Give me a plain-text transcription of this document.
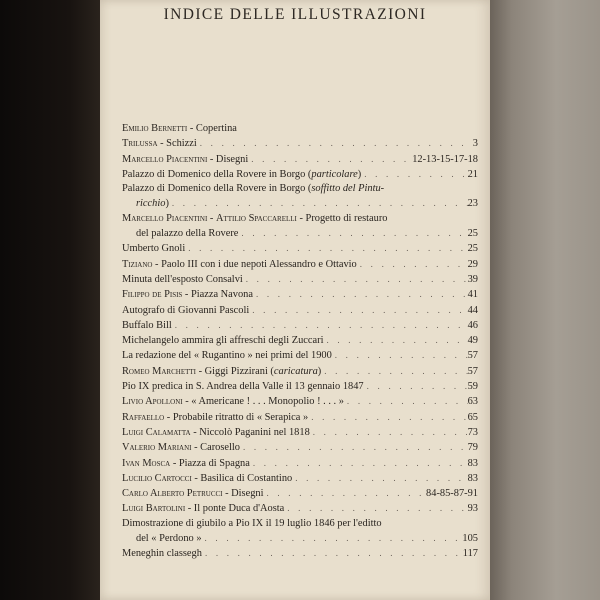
INDICE DELLE ILLUSTRAZIONI
Emilio Bernetti - Copertina
Trilussa - Schizzi . . .	3
Marcello Piacentini - Disegni . . .	12-13-15-17-18
Palazzo di Domenico della Rovere in Borgo (particolare) . . .	21
Palazzo di Domenico della Rovere in Borgo (soffitto del Pintu-
ricchio) . . .	23
Marcello Piacentini - Attilio Spaccarelli - Progetto di restauro
del palazzo della Rovere . . .	25
Umberto Gnoli . . .	25
Tiziano - Paolo III con i due nepoti Alessandro e Ottavio . . .	29
Minuta dell'esposto Consalvi . . .	39
Filippo de Pisis - Piazza Navona . . .	41
Autografo di Giovanni Pascoli . . .	44
Buffalo Bill . . .	46
Michelangelo ammira gli affreschi degli Zuccari . . .	49
La redazione del « Rugantino » nei primi del 1900 . . .	57
Romeo Marchetti - Giggi Pizzirani (caricatura) . . .	57
Pio IX predica in S. Andrea della Valle il 13 gennaio 1847 . . .	59
Livio Apolloni - « Americane ! . . . Monopolio ! . . . » . . .	63
Raffaello - Probabile ritratto di « Serapica » . . .	65
Luigi Calamatta - Niccolò Paganini nel 1818 . . .	73
Valerio Mariani - Carosello . . .	79
Ivan Mosca - Piazza di Spagna . . .	83
Lucilio Cartocci - Basilica di Costantino . . .	83
Carlo Alberto Petrucci - Disegni . . .	84-85-87-91
Luigi Bartolini - Il ponte Duca d'Aosta . . .	93
Dimostrazione di giubilo a Pio IX il 19 luglio 1846 per l'editto
del « Perdono » . . .	105
Meneghin classegh . . .	117
